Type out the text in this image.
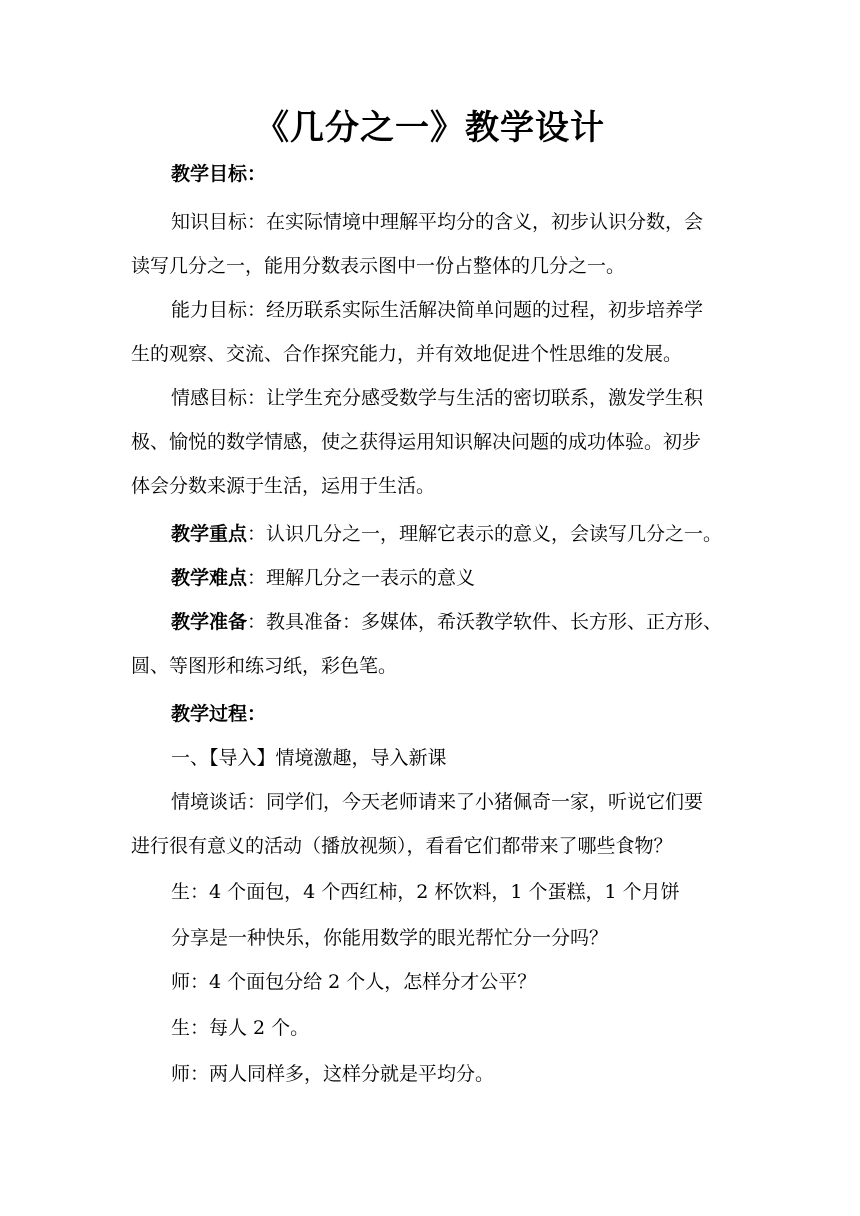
《几分之一》教学设计
教学目标：
知识目标：在实际情境中理解平均分的含义，初步认识分数，会
读写几分之一，能用分数表示图中一份占整体的几分之一。
能力目标：经历联系实际生活解决简单问题的过程，初步培养学
生的观察、交流、合作探究能力，并有效地促进个性思维的发展。
情感目标：让学生充分感受数学与生活的密切联系，激发学生积
极、愉悦的数学情感，使之获得运用知识解决问题的成功体验。初步
体会分数来源于生活，运用于生活。
教学重点：认识几分之一，理解它表示的意义，会读写几分之一。
教学难点：理解几分之一表示的意义
教学准备：教具准备：多媒体，希沃教学软件、长方形、正方形、
圆、等图形和练习纸，彩色笔。
教学过程：
一、【导入】情境激趣，导入新课
情境谈话：同学们，今天老师请来了小猪佩奇一家，听说它们要
进行很有意义的活动（播放视频），看看它们都带来了哪些食物？
生：4 个面包，4 个西红柿，2 杯饮料，1 个蛋糕，1 个月饼
分享是一种快乐，你能用数学的眼光帮忙分一分吗？
师：4 个面包分给 2 个人，怎样分才公平？
生：每人 2 个。
师：两人同样多，这样分就是平均分。
